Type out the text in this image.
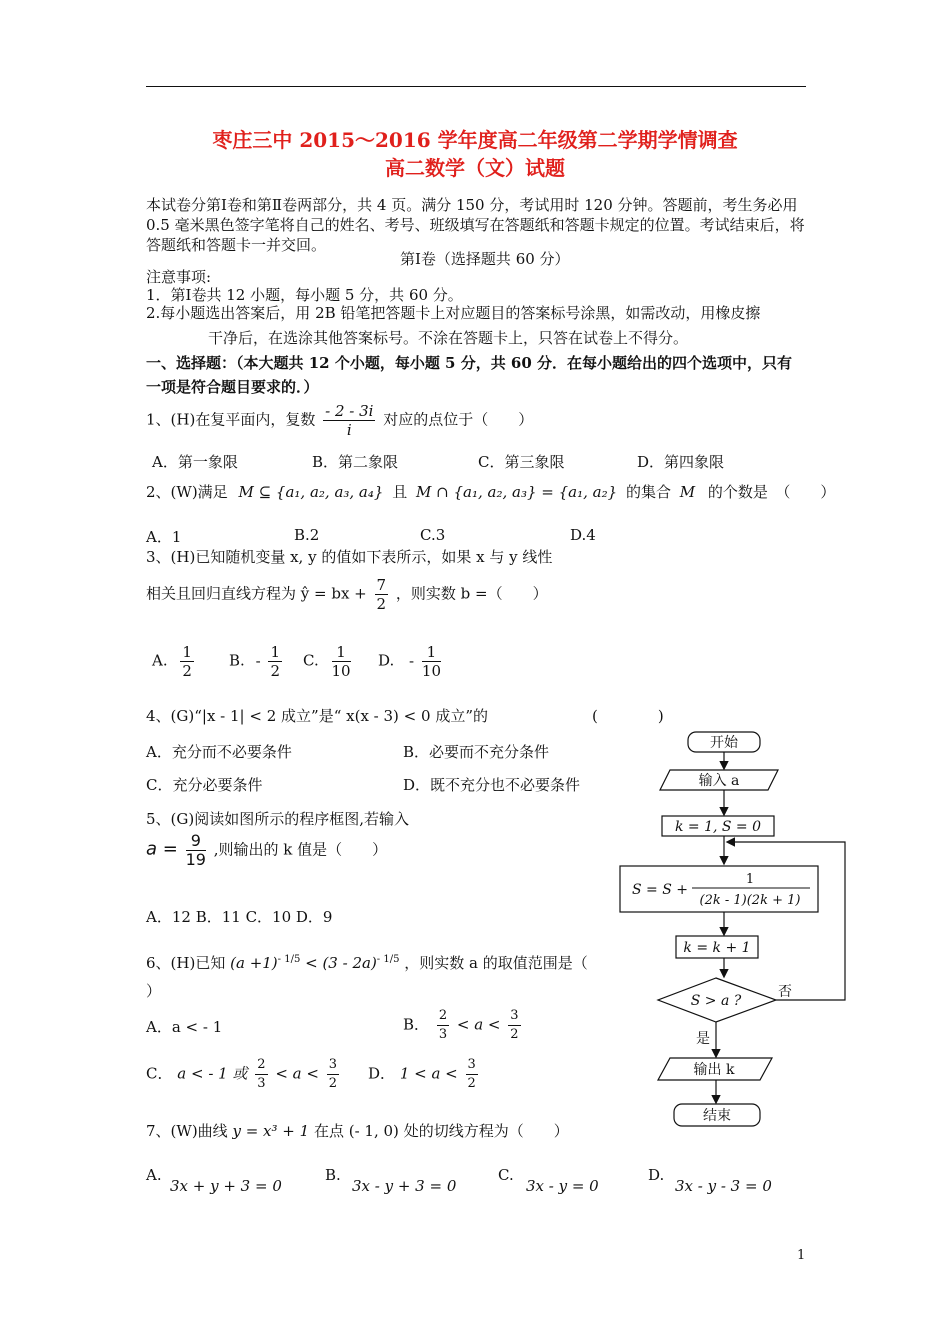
枣庄三中 2015～2016 学年度高二年级第二学期学情调查
高二数学（文）试题
本试卷分第Ⅰ卷和第Ⅱ卷两部分，共 4 页。满分 150 分，考试用时 120 分钟。答题前，考生务必用 0.5 毫米黑色签字笔将自己的姓名、考号、班级填写在答题纸和答题卡规定的位置。考试结束后，将答题纸和答题卡一并交回。
第Ⅰ卷（选择题共 60 分）
注意事项:
1．第Ⅰ卷共 12 小题，每小题 5 分，共 60 分。
2.每小题选出答案后，用 2B 铅笔把答题卡上对应题目的答案标号涂黑，如需改动，用橡皮擦
干净后，在选涂其他答案标号。不涂在答题卡上，只答在试卷上不得分。
一、选择题：（本大题共 12 个小题，每小题 5 分，共 60 分．在每小题给出的四个选项中，只有
一项是符合题目要求的．）
1、(H)在复平面内，复数 $\frac{- 2 - 3i}{i}$ 对应的点位于（　　）
A．第一象限	B．第二象限	C．第三象限	D．第四象限
2、(W)满足 M ⊆ {a₁, a₂, a₃, a₄} 且 M ∩ {a₁, a₂, a₃} = {a₁, a₂} 的集合 M 的个数是　（　　）
A．1	B.2	C.3	D.4
3、(H)已知随机变量 x, y 的值如下表所示，如果 x 与 y 线性
相关且回归直线方程为 ŷ = bx + $\frac{7}{2}$ ，则实数 b =（　　）
A. $\frac{1}{2} B$. - $\frac{1}{2} C$. $\frac{1}{10} D$. - $\frac{1}{10}$
4、(G)“|x - 1| < 2 成立”是“ x(x - 3) < 0 成立”的	(　　　　)
A．充分而不必要条件	B．必要而不充分条件
C．充分必要条件	D．既不充分也不必要条件
5、(G)阅读如图所示的程序框图,若输入
$a = \frac{9}{19}$ ,则输出的 k 值是（　　）
A．12 B．11 C．10 D．9
6、(H)已知 $(a +1)^{- 1/5} < (3 - 2a)^{- 1/5}$ ，则实数 a 的取值范围是（
）
A．a < - 1	B． $\frac{2}{3} < a < \frac{3}{2}$
C． a < - 1 或 $\frac{2}{3} < a < \frac{3}{2}$ D． $1 < a < \frac{3}{2}$
7、(W)曲线 y = x³ + 1 在点 (- 1, 0) 处的切线方程为（　　）
A.
3x + y + 3 = 0
B.
3x - y + 3 = 0
C.
3x - y = 0
D.
3x - y - 3 = 0
开始
输入 a
k = 1, S = 0
S = S +
1
(2k - 1)(2k + 1)
k = k + 1
S > a ?
否
是
输出 k
结束
1
